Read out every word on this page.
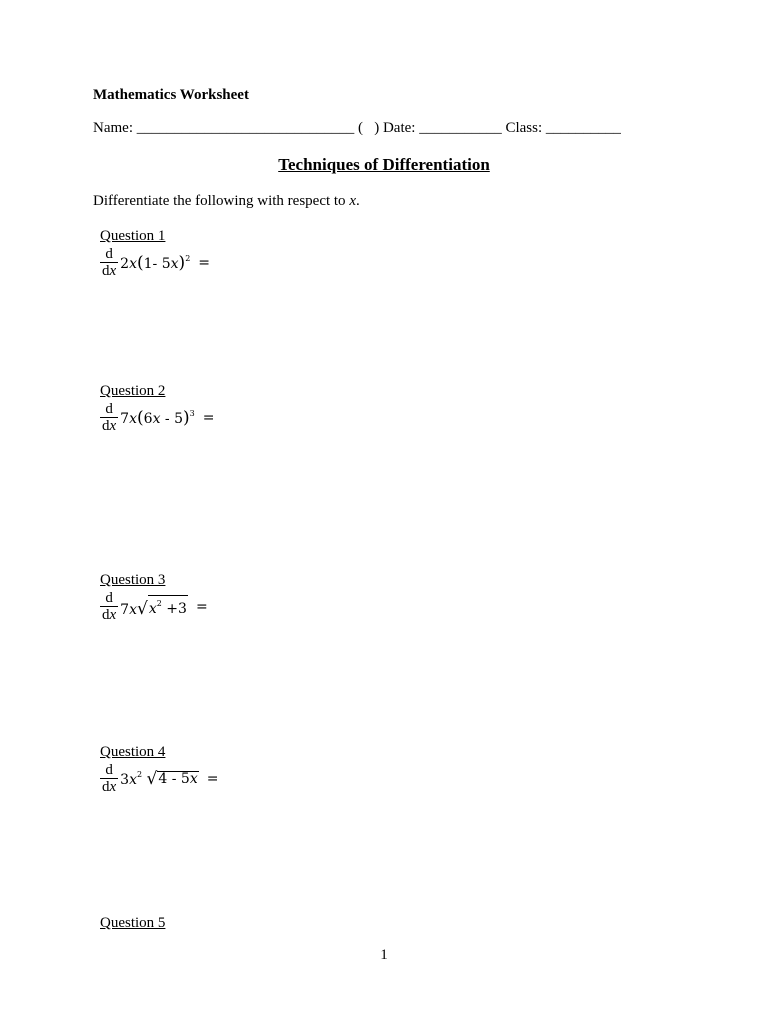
Mathematics Worksheet
Name: _____________________________ (   ) Date: ___________ Class: __________
Techniques of Differentiation
Differentiate the following with respect to x.
Question 1
$\frac{d}{dx} 2x(1-$ 5x)$^2$ =
Question 2
$\frac{d}{dx} 7x(6x - 5)^3$ =
Question 3
$\frac{d}{dx} 7x$ √ $x^2 +3$ =
Question 4
$\frac{d}{dx} 3x^2$ √ 4 - 5x =
Question 5
1
